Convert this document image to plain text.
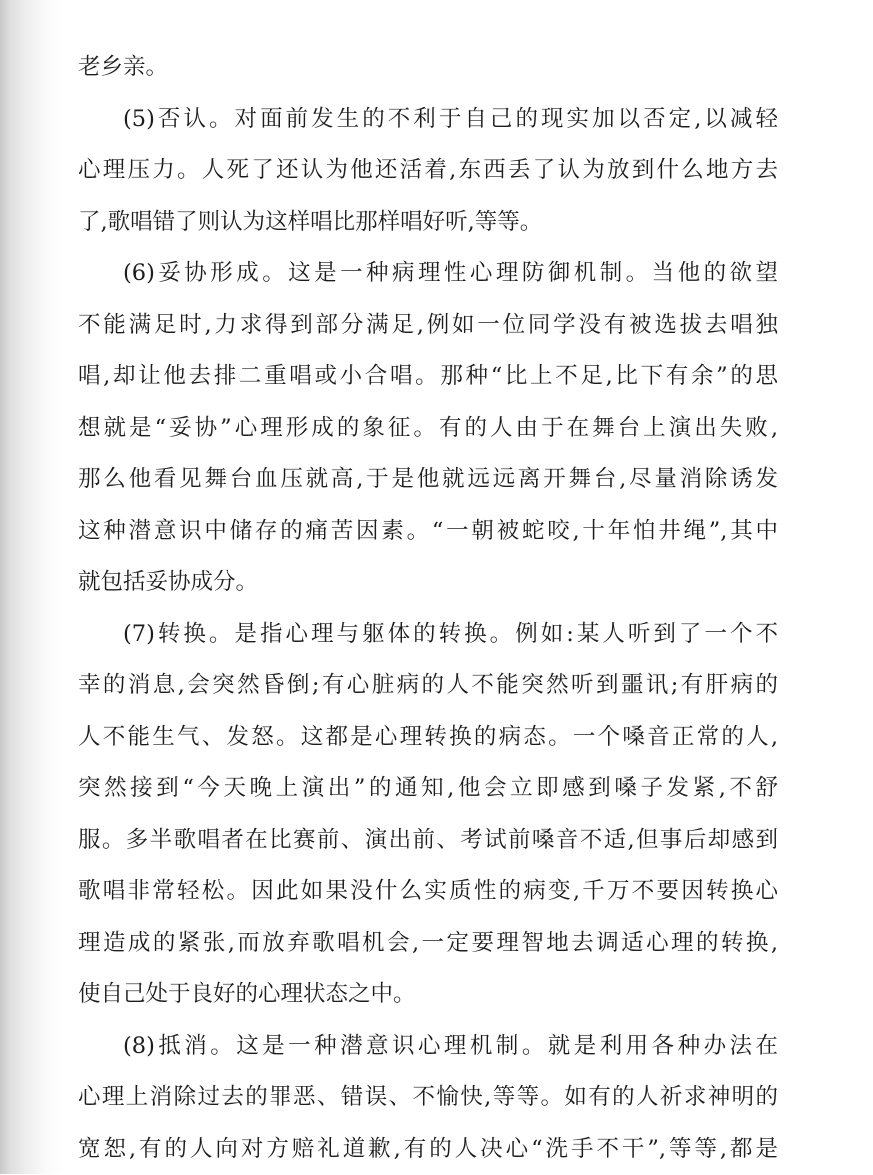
老乡亲。
(5)否认。对面前发生的不利于自己的现实加以否定,以减轻
心理压力。人死了还认为他还活着,东西丢了认为放到什么地方去
了,歌唱错了则认为这样唱比那样唱好听,等等。
(6)妥协形成。这是一种病理性心理防御机制。当他的欲望
不能满足时,力求得到部分满足,例如一位同学没有被选拔去唱独
唱,却让他去排二重唱或小合唱。那种“比上不足,比下有余”的思
想就是“妥协”心理形成的象征。有的人由于在舞台上演出失败,
那么他看见舞台血压就高,于是他就远远离开舞台,尽量消除诱发
这种潜意识中储存的痛苦因素。“一朝被蛇咬,十年怕井绳”,其中
就包括妥协成分。
(7)转换。是指心理与躯体的转换。例如:某人听到了一个不
幸的消息,会突然昏倒;有心脏病的人不能突然听到噩讯;有肝病的
人不能生气、发怒。这都是心理转换的病态。一个嗓音正常的人,
突然接到“今天晚上演出”的通知,他会立即感到嗓子发紧,不舒
服。多半歌唱者在比赛前、演出前、考试前嗓音不适,但事后却感到
歌唱非常轻松。因此如果没什么实质性的病变,千万不要因转换心
理造成的紧张,而放弃歌唱机会,一定要理智地去调适心理的转换,
使自己处于良好的心理状态之中。
(8)抵消。这是一种潜意识心理机制。就是利用各种办法在
心理上消除过去的罪恶、错误、不愉快,等等。如有的人祈求神明的
宽恕,有的人向对方赔礼道歉,有的人决心“洗手不干”,等等,都是
